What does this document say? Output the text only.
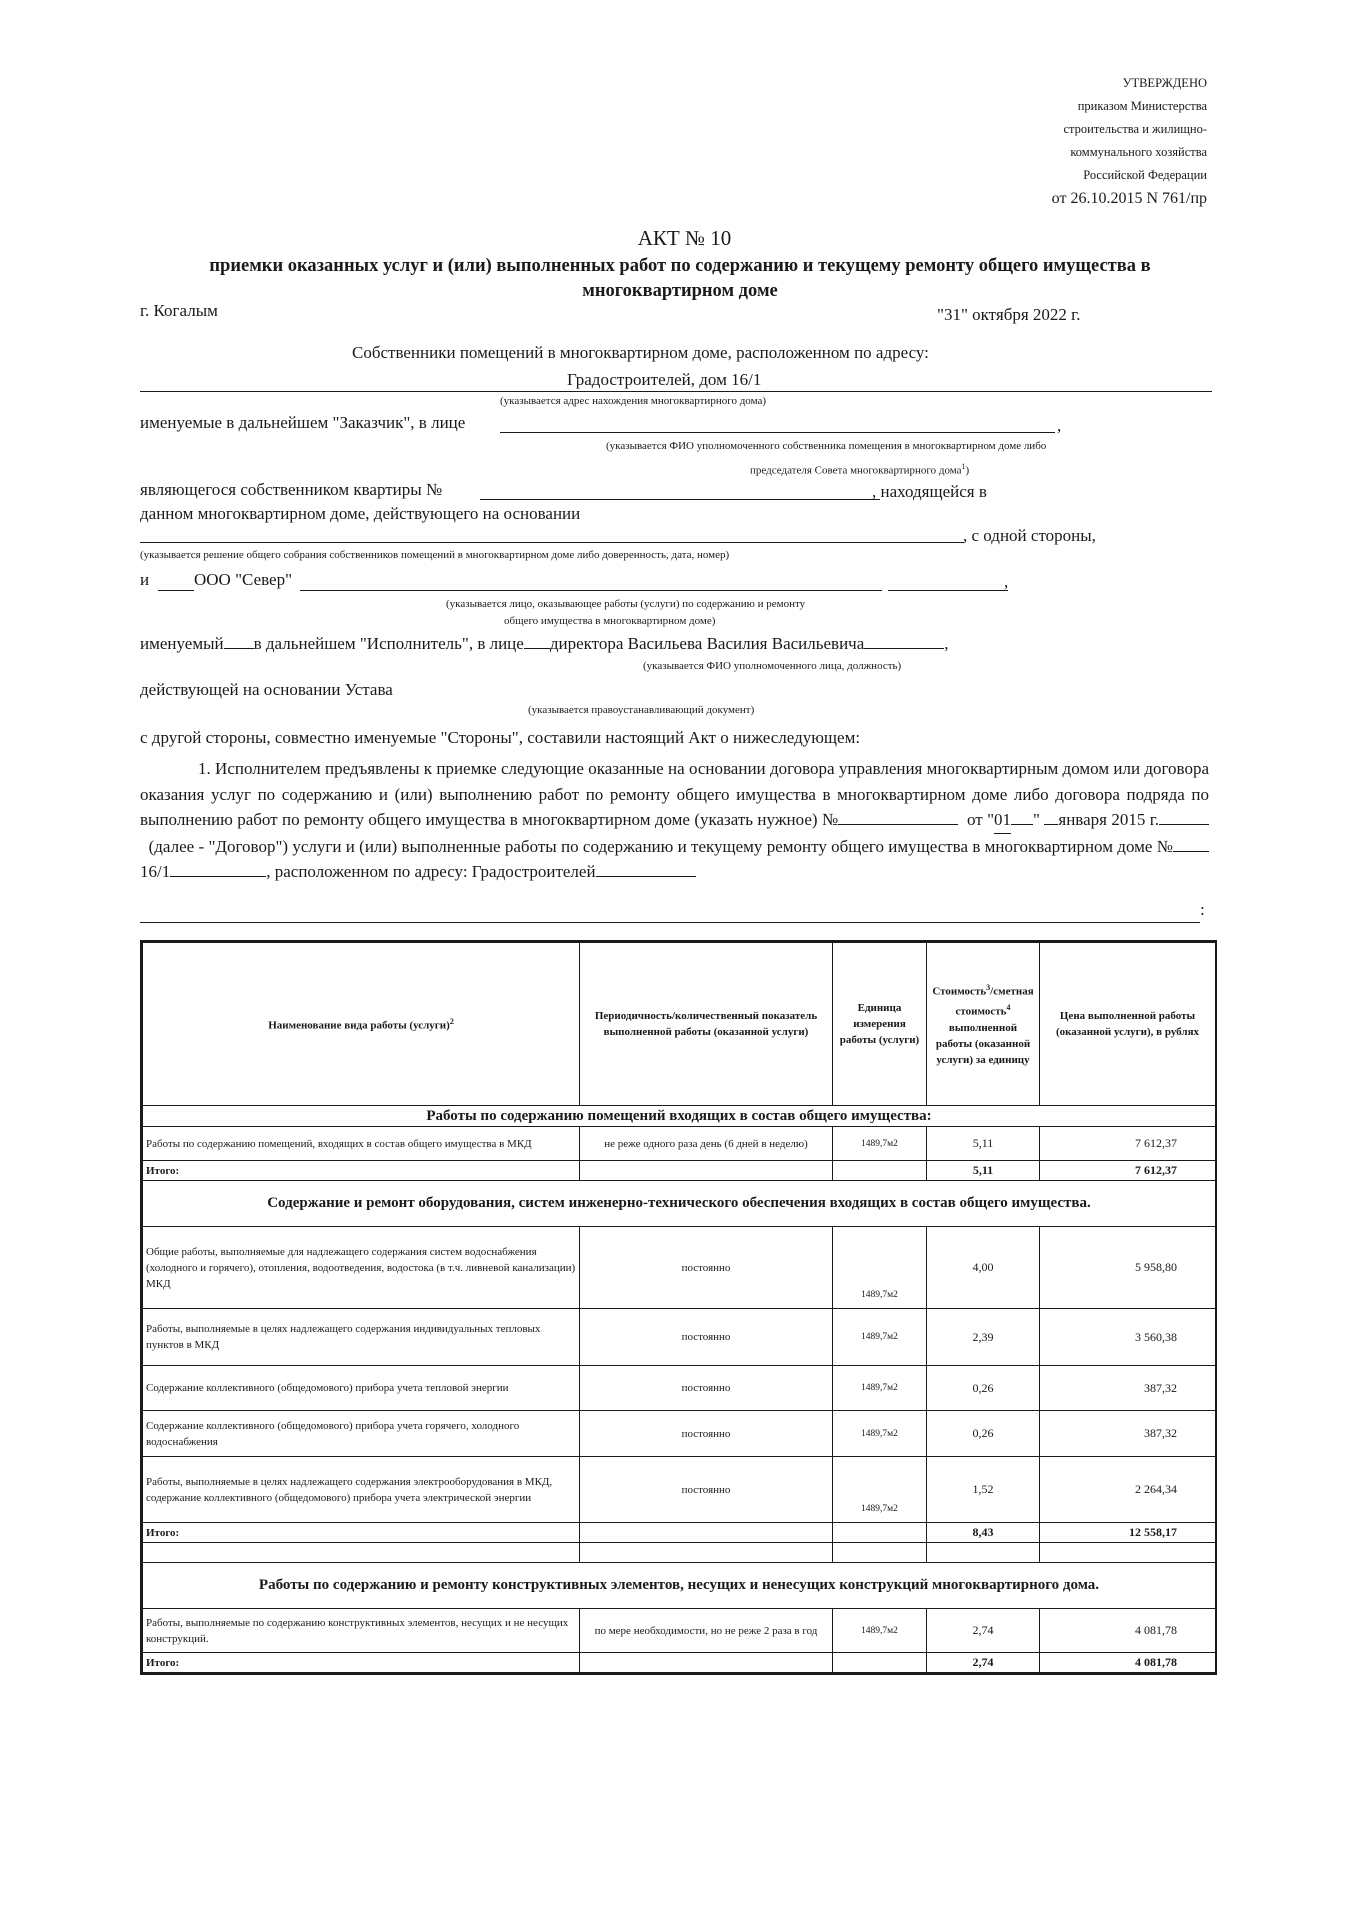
УТВЕРЖДЕНО
приказом Министерства
строительства и жилищно-
коммунального хозяйства
Российской Федерации
от 26.10.2015 N 761/пр
АКТ № 10
приемки оказанных услуг и (или) выполненных работ по содержанию и текущему ремонту общего имущества в многоквартирном доме
г. Когалым	"31" октября 2022 г.
Собственники помещений в многоквартирном доме, расположенном по адресу:
Градостроителей, дом 16/1
(указывается адрес нахождения многоквартирного дома)
именуемые в дальнейшем "Заказчик", в лице	,
(указывается ФИО уполномоченного собственника помещения в многоквартирном доме либо
председателя Совета многоквартирного дома$^1$)
являющегося собственником квартиры №	, находящейся в
данном многоквартирном доме, действующего на основании
, с одной стороны,
(указывается решение общего собрания собственников помещений в многоквартирном доме либо доверенность, дата, номер)
и	ООО "Север"	,
(указывается лицо, оказывающее работы (услуги) по содержанию и ремонту
общего имущества в многоквартирном доме)
именуемый в дальнейшем "Исполнитель", в лице директора Васильева Василия Васильевича	,
(указывается ФИО уполномоченного лица, должность)
действующей на основании Устава
(указывается правоустанавливающий документ)
с другой стороны, совместно именуемые "Стороны", составили настоящий Акт о нижеследующем:
1. Исполнителем предъявлены к приемке следующие оказанные на основании договора управления многоквартирным домом или договора оказания услуг по содержанию и (или) выполнению работ по ремонту общего имущества в многоквартирном доме либо договора подряда по выполнению работ по ремонту общего имущества в многоквартирном доме (указать нужное) №	от "01 " января 2015 г.   (далее - "Договор") услуги и (или) выполненные работы по содержанию и текущему ремонту общего имущества в многоквартирном доме №16/1	, расположенном по адресу: Градостроителей
:
Наименование вида работы (услуги)$^2$	Периодичность/количественный показатель выполненной работы (оказанной услуги)	Единица измерения работы (услуги)	Стоимость$^3$/сметная стоимость$^4$ выполненной работы (оказанной услуги) за единицу	Цена выполненной работы (оказанной услуги), в рублях
Работы по содержанию помещений входящих в состав общего имущества:				
Работы по содержанию помещений, входящих в состав общего имущества в МКД	не реже одного раза день (6 дней в неделю)	1489,7м2	5,11	7 612,37
Итого:			5,11	7 612,37
Содержание и ремонт оборудования, систем инженерно-технического обеспечения входящих в состав общего имущества.				
Общие работы, выполняемые для надлежащего содержания систем водоснабжения (холодного и горячего), отопления, водоотведения, водостока (в т.ч. ливневой канализации) МКД	постоянно	1489,7м2	4,00	5 958,80
Работы, выполняемые в целях надлежащего содержания индивидуальных тепловых пунктов в МКД	постоянно	1489,7м2	2,39	3 560,38
Содержание коллективного (общедомового) прибора учета тепловой энергии	постоянно	1489,7м2	0,26	387,32
Содержание коллективного (общедомового) прибора учета горячего, холодного водоснабжения	постоянно	1489,7м2	0,26	387,32
Работы, выполняемые в целях надлежащего содержания электрооборудования в МКД, содержание коллективного (общедомового) прибора учета электрической энергии	постоянно	1489,7м2	1,52	2 264,34
Итого:			8,43	12 558,17

Работы по содержанию и ремонту конструктивных элементов, несущих и ненесущих конструкций многоквартирного дома.				
Работы, выполняемые по содержанию конструктивных элементов, несущих и не несущих конструкций.	по мере необходимости, но не реже 2 раза в год	1489,7м2	2,74	4 081,78
Итого:			2,74	4 081,78
